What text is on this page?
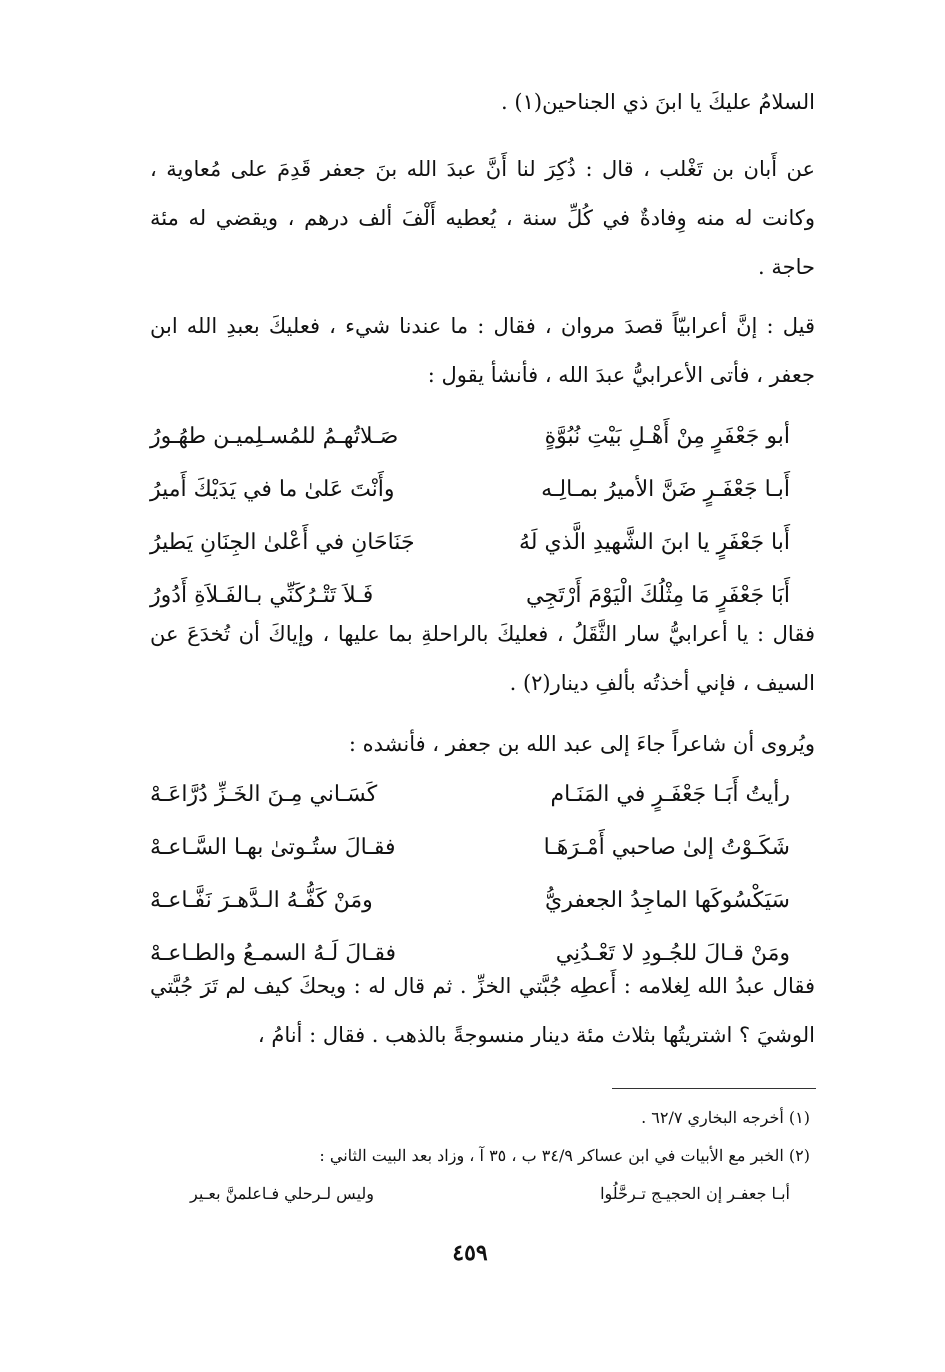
السلامُ عليكَ يا ابنَ ذي الجناحين(١) .
عن أَبان بن تَغْلب ، قال : ذُكِرَ لنا أَنَّ عبدَ الله بنَ جعفر قَدِمَ على مُعاوية ، وكانت له منه وِفادةٌ في كُلِّ سنة ، يُعطيه أَلْفَ ألف درهم ، ويقضي له مئة حاجة .
قيل : إنَّ أعرابيّاً قصدَ مروان ، فقال : ما عندنا شيء ، فعليكَ بعبدِ الله ابن جعفر ، فأتى الأعرابيُّ عبدَ الله ، فأنشأ يقول :
أبو جَعْفَرٍ مِنْ أَهْـلِ بَيْتِ نُبُوَّةٍ
صَـلاتُهـمُ للمُسـلِميـن طهُـورُ
أَبـا جَعْفَـرٍ ضَنَّ الأميرُ بمـالِـه
وأَنْتَ عَلىٰ ما في يَدَيْكَ أَميرُ
أَبا جَعْفَرٍ يا ابنَ الشَّهيدِ الَّذي لَهُ
جَنَاحَانِ في أَعْلىٰ الجِنَانِ يَطيرُ
أَبَا جَعْفَرٍ مَا مِثْلُكَ الْيَوْمَ أَرْتَجِي
فَـلاَ تَتْـرُكَنِّي بـالفَـلاَةِ أَدُورُ
فقال : يا أعرابيُّ سار الثَّقَلُ ، فعليكَ بالراحلةِ بما عليها ، وإياكَ أن تُخدَعَ عن السيف ، فإني أخذتُه بألفِ دينار(٢) .
ويُروى أن شاعراً جاءَ إلى عبد الله بن جعفر ، فأنشده :
رأيتُ أَبَـا جَعْفَـرٍ في المَنَـام
كَسَـاني مِـنَ الخَـزِّ دُرَّاعَـهْ
شَكَـوْتُ إلىٰ صاحبي أَمْـرَهَـا
فقـالَ ستُـوتىٰ بهـا السَّـاعـهْ
سَيَكْسُوكَها الماجِدُ الجعفريُّ
ومَنْ كَفُّـهُ الـدَّهـرَ نَفَّـاعـهْ
ومَنْ قـالَ للجُـودِ لا تَعْـدُنِي
فقـالَ لَـهُ السمـعُ والطـاعـهْ
فقال عبدُ الله لِغلامه : أَعطِه جُبَّتي الخزِّ . ثم قال له : ويحكَ كيف لم تَرَ جُبَّتي الوشيَ ؟ اشتريتُها بثلاث مئة دينار منسوجةً بالذهب . فقال : أنامُ ،
(١) أخرجه البخاري ٦٢/٧ .
(٢) الخبر مع الأبيات في ابن عساكر ٣٤/٩ ب ، ٣٥ آ ، وزاد بعد البيت الثاني :
أبـا جعفـر إن الحجيـج تـرحَّلُوا
وليس لـرحلي فـاعلمنَّ بعـير
٤٥٩
